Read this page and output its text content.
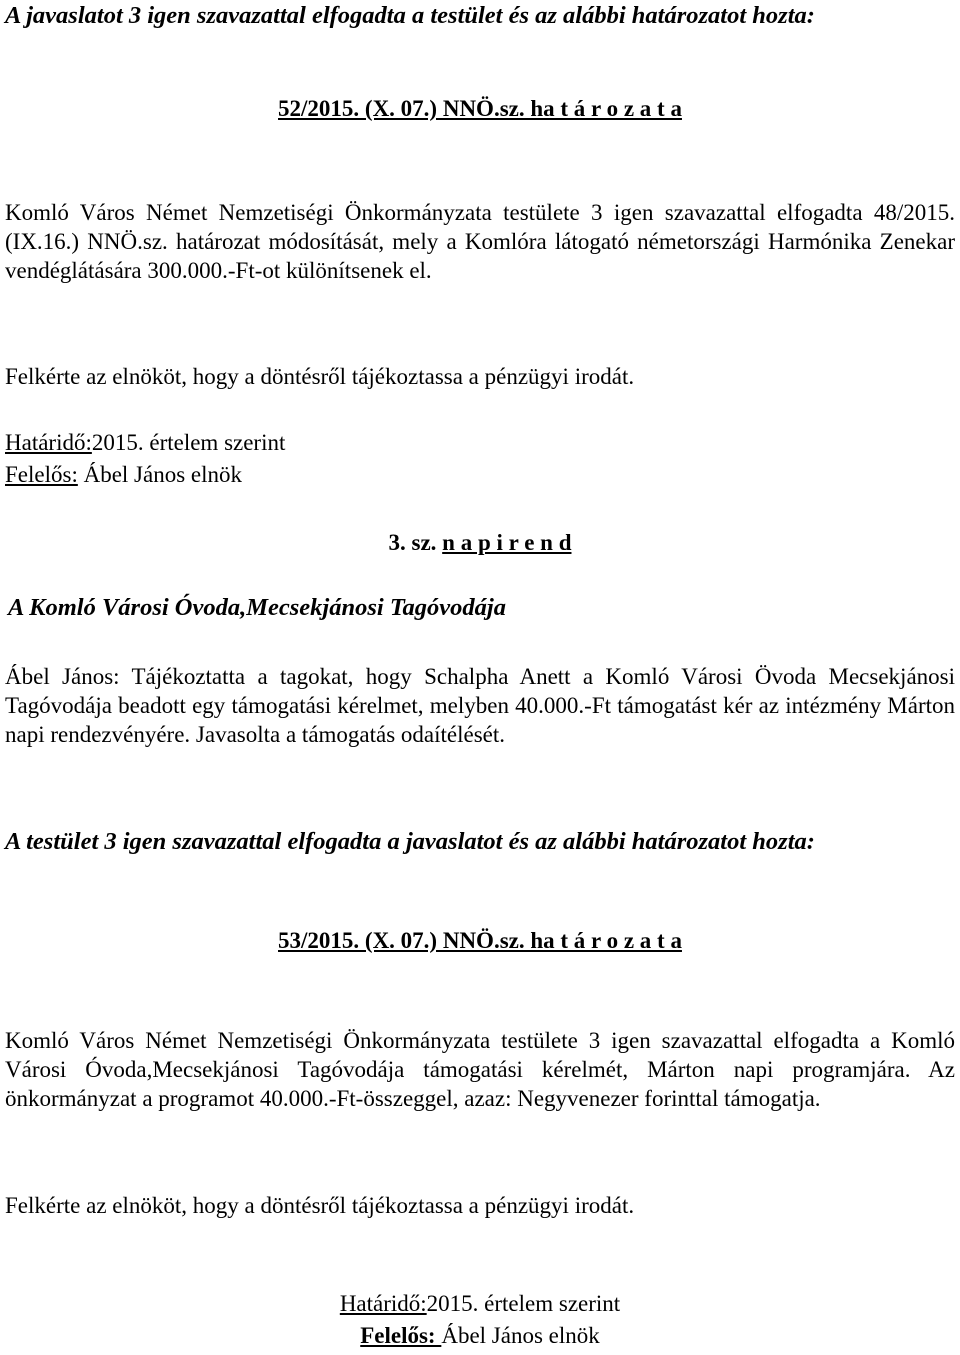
A javaslatot 3 igen szavazattal elfogadta a testület és az alábbi határozatot hozta:
52/2015. (X. 07.) NNÖ.sz. ha t á r o z a t a
Komló Város Német Nemzetiségi Önkormányzata testülete 3 igen szavazattal elfogadta 48/2015. (IX.16.) NNÖ.sz. határozat módosítását, mely a Komlóra látogató németországi Harmónika Zenekar vendéglátására 300.000.-Ft-ot különítsenek el.
Felkérte az elnököt, hogy a döntésről tájékoztassa a pénzügyi irodát.
Határidő:2015. értelem szerint
Felelős: Ábel János elnök
3. sz. n a p i r e n d
A Komló Városi Óvoda,Mecsekjánosi Tagóvodája
Ábel János: Tájékoztatta a tagokat, hogy Schalpha Anett a Komló Városi Övoda Mecsekjánosi Tagóvodája beadott egy támogatási kérelmet, melyben 40.000.-Ft támogatást kér az intézmény Márton napi rendezvényére. Javasolta a támogatás odaítélését.
A testület 3 igen szavazattal elfogadta a javaslatot és az alábbi határozatot hozta:
53/2015. (X. 07.) NNÖ.sz. ha t á r o z a t a
Komló Város Német Nemzetiségi Önkormányzata testülete 3 igen szavazattal elfogadta a Komló Városi Óvoda,Mecsekjánosi Tagóvodája támogatási kérelmét, Márton napi programjára. Az önkormányzat a programot 40.000.-Ft-összeggel, azaz: Negyvenezer forinttal támogatja.
Felkérte az elnököt, hogy a döntésről tájékoztassa a pénzügyi irodát.
Határidő:2015. értelem szerint
Felelős: Ábel János elnök
